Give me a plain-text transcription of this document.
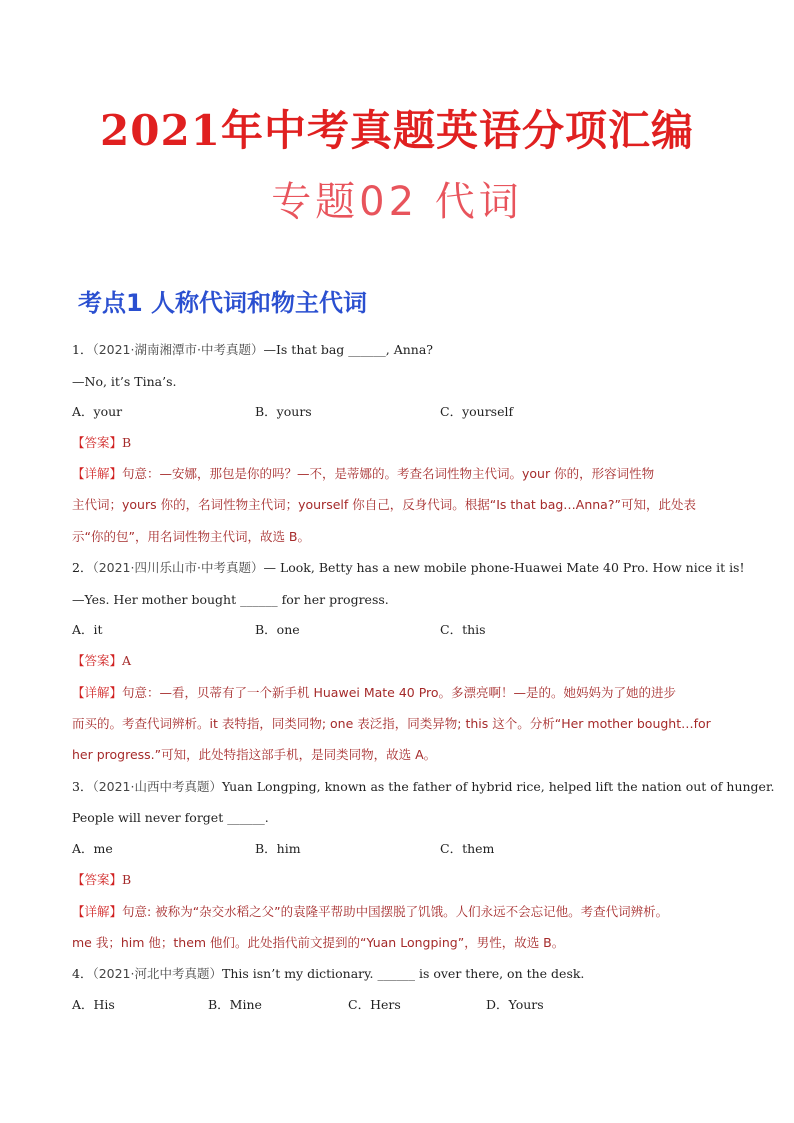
2021年中考真题英语分项汇编
专题02 代词
考点1 人称代词和物主代词
1．（2021·湖南湘潭市·中考真题）—Is that bag ______, Anna?
—No, it’s Tina’s.
A．your	B．yours	C．yourself
【答案】B
【详解】句意：—安娜，那包是你的吗？—不，是蒂娜的。考查名词性物主代词。your 你的，形容词性物
主代词；yours 你的，名词性物主代词；yourself 你自己，反身代词。根据“Is that bag…Anna?”可知，此处表
示“你的包”，用名词性物主代词，故选 B。
2．（2021·四川乐山市·中考真题）— Look, Betty has a new mobile phone-Huawei Mate 40 Pro. How nice it is!
—Yes. Her mother bought ______ for her progress.
A．it	B．one	C．this
【答案】A
【详解】句意：—看，贝蒂有了一个新手机 Huawei Mate 40 Pro。多漂亮啊！—是的。她妈妈为了她的进步
而买的。考查代词辨析。it 表特指，同类同物; one 表泛指，同类异物; this 这个。分析“Her mother bought…for
her progress.”可知，此处特指这部手机，是同类同物，故选 A。
3．（2021·山西中考真题）Yuan Longping, known as the father of hybrid rice, helped lift the nation out of hunger.
People will never forget ______.
A．me	B．him	C．them
【答案】B
【详解】句意: 被称为“杂交水稻之父”的袁隆平帮助中国摆脱了饥饿。人们永远不会忘记他。考查代词辨析。
me 我；him 他；them 他们。此处指代前文提到的“Yuan Longping”，男性，故选 B。
4．（2021·河北中考真题）This isn’t my dictionary. ______ is over there, on the desk.
A．His	B．Mine	C．Hers	D．Yours
